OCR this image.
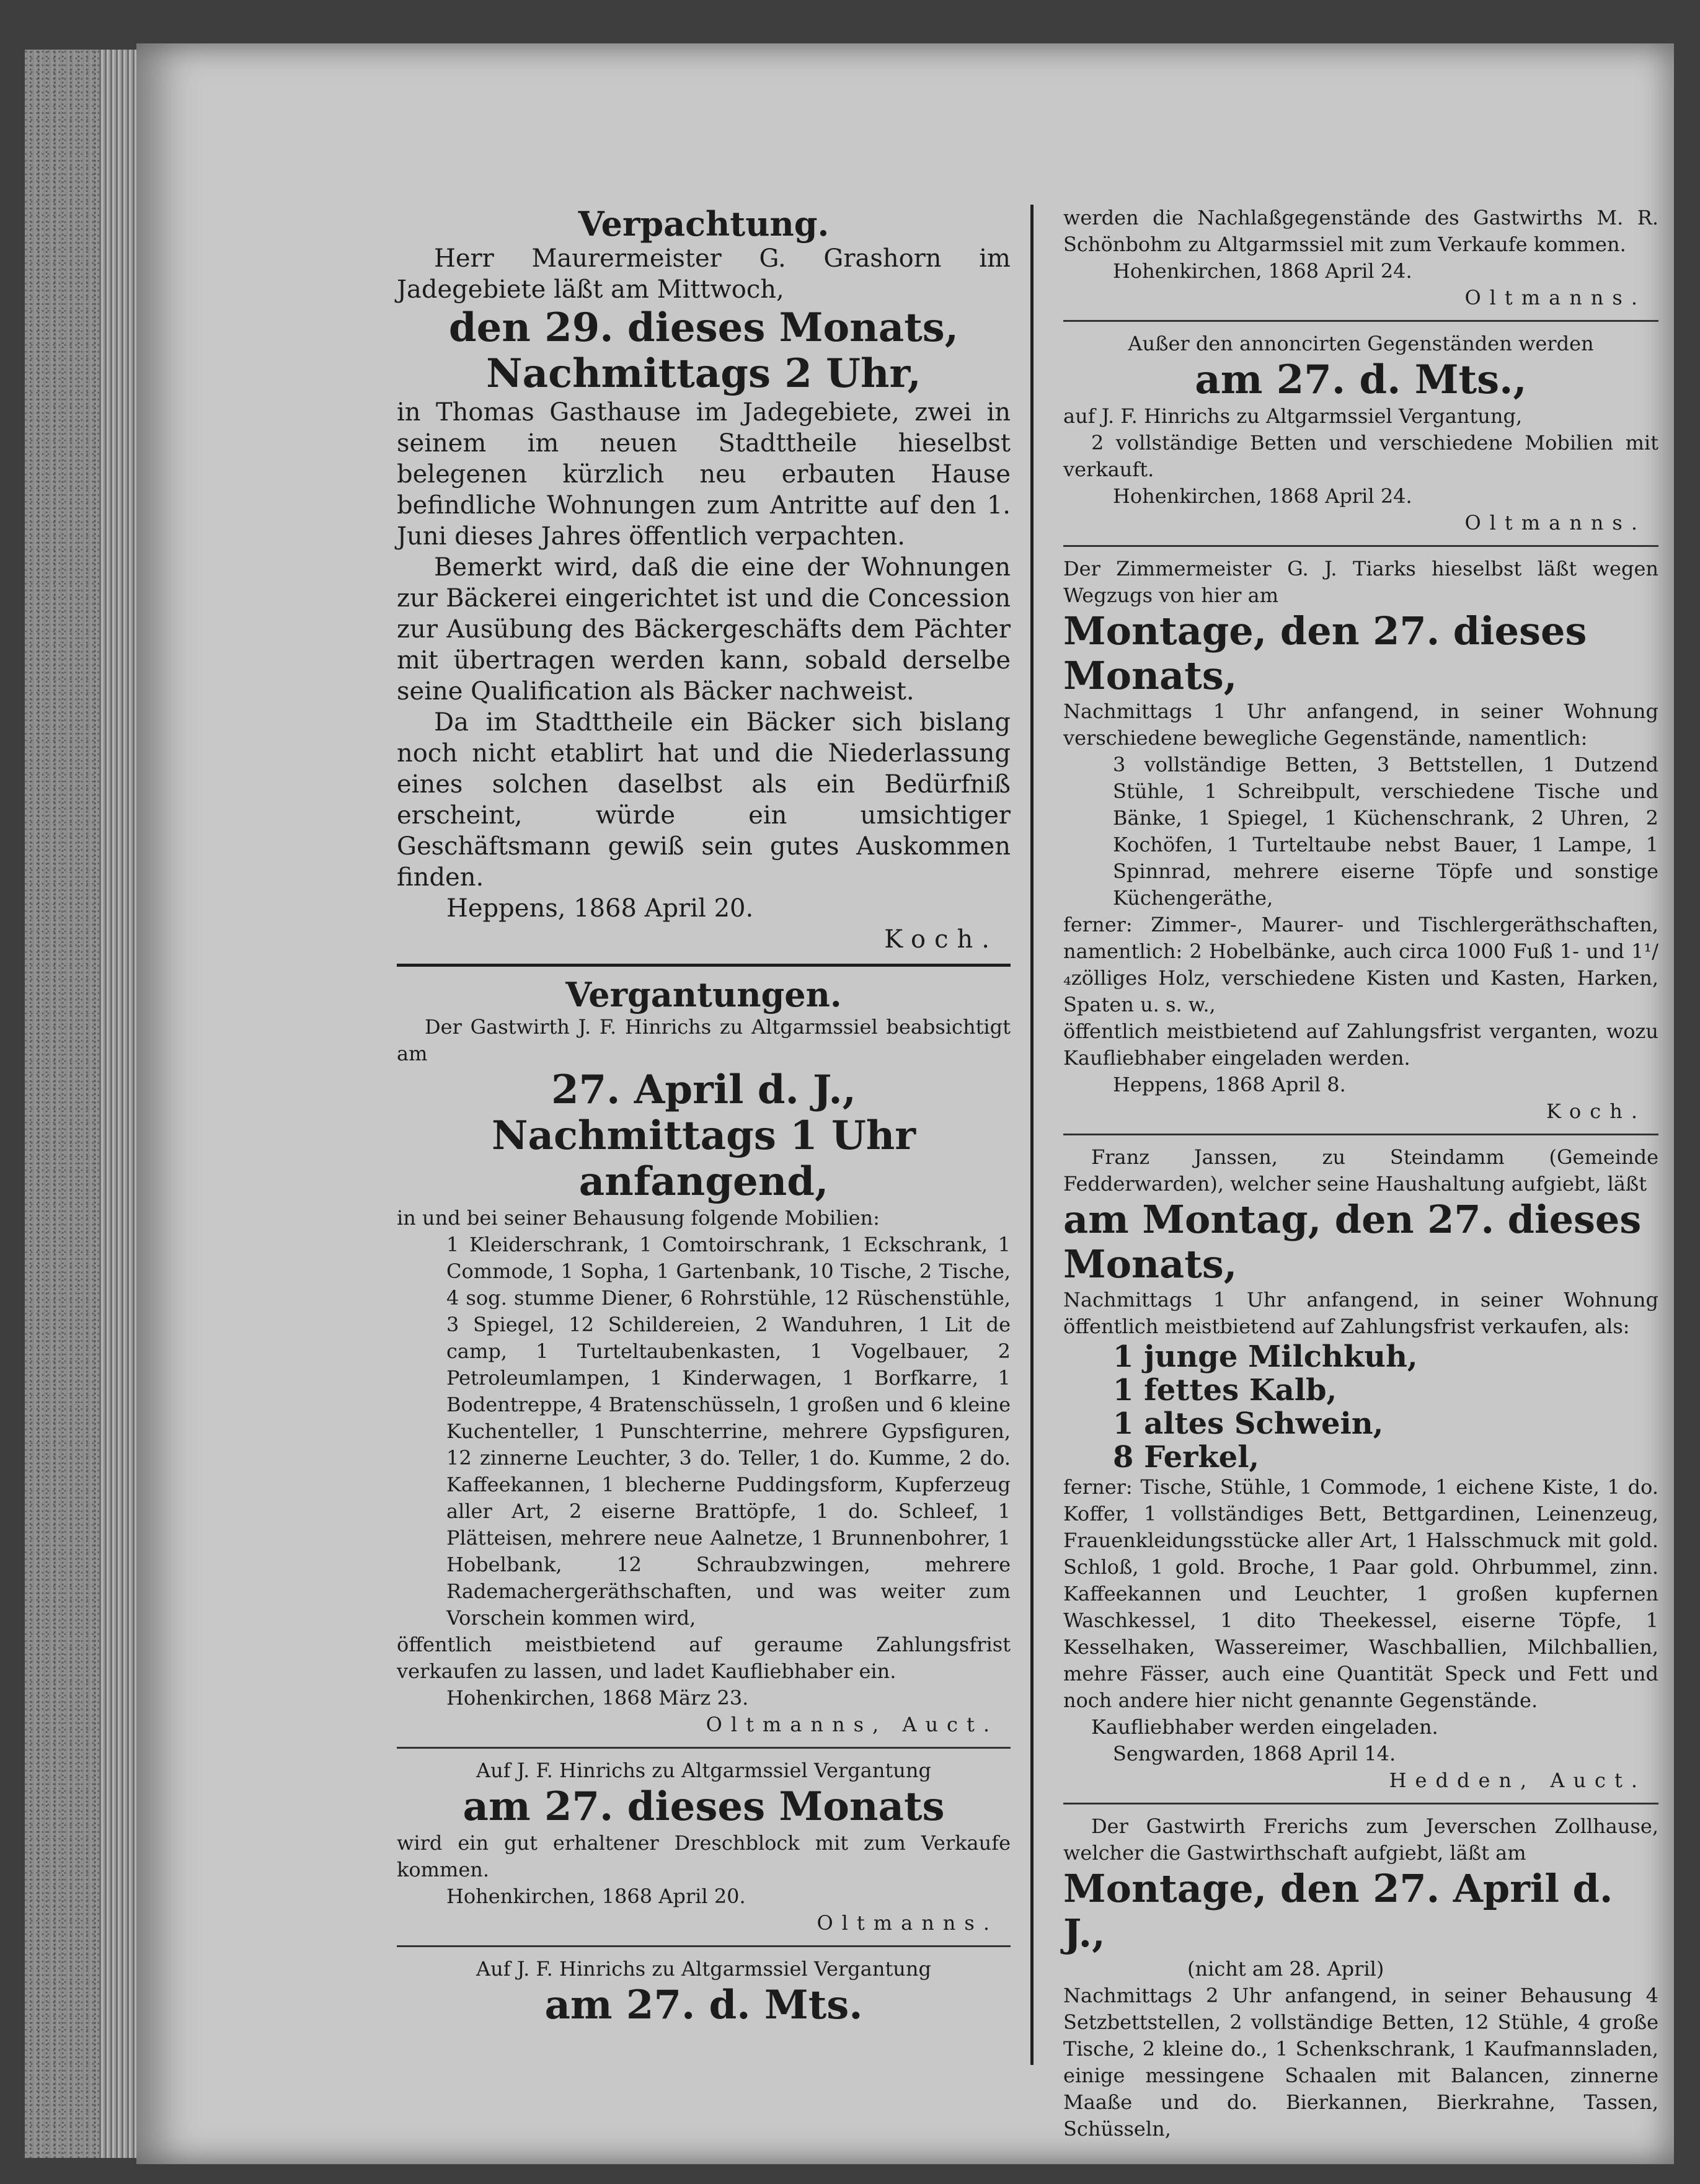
Verpachtung.

Herr Maurermeister G. Grashorn im Jadegebiete läßt am Mittwoch,

den 29. dieses Monats,

Nachmittags 2 Uhr,

in Thomas Gasthause im Jadegebiete, zwei in seinem im neuen Stadttheile hieselbst belegenen kürzlich neu erbauten Hause befindliche Wohnungen zum Antritte auf den 1. Juni dieses Jahres öffentlich verpachten.

Bemerkt wird, daß die eine der Wohnungen zur Bäckerei eingerichtet ist und die Concession zur Ausübung des Bäckergeschäfts dem Pächter mit übertragen werden kann, sobald derselbe seine Qualification als Bäcker nachweist.

Da im Stadttheile ein Bäcker sich bislang noch nicht etablirt hat und die Niederlassung eines solchen daselbst als ein Bedürfniß erscheint, würde ein umsichtiger Geschäftsmann gewiß sein gutes Auskommen finden.

Heppens, 1868 April 20.

Koch.

Vergantungen.

Der Gastwirth J. F. Hinrichs zu Altgarmssiel beabsichtigt am

27. April d. J.,

Nachmittags 1 Uhr anfangend,

in und bei seiner Behausung folgende Mobilien:

1 Kleiderschrank, 1 Comtoirschrank, 1 Eckschrank, 1 Commode, 1 Sopha, 1 Gartenbank, 10 Tische, 2 Tische, 4 sog. stumme Diener, 6 Rohrstühle, 12 Rüschenstühle, 3 Spiegel, 12 Schildereien, 2 Wanduhren, 1 Lit de camp, 1 Turteltaubenkasten, 1 Vogelbauer, 2 Petroleumlampen, 1 Kinderwagen, 1 Borfkarre, 1 Bodentreppe, 4 Bratenschüsseln, 1 großen und 6 kleine Kuchenteller, 1 Punschterrine, mehrere Gypsfiguren, 12 zinnerne Leuchter, 3 do. Teller, 1 do. Kumme, 2 do. Kaffeekannen, 1 blecherne Puddingsform, Kupferzeug aller Art, 2 eiserne Brattöpfe, 1 do. Schleef, 1 Plätteisen, mehrere neue Aalnetze, 1 Brunnenbohrer, 1 Hobelbank, 12 Schraubzwingen, mehrere Rademachergeräthschaften, und was weiter zum Vorschein kommen wird,

öffentlich meistbietend auf geraume Zahlungsfrist verkaufen zu lassen, und ladet Kaufliebhaber ein.

Hohenkirchen, 1868 März 23.

Oltmanns, Auct.

Auf J. F. Hinrichs zu Altgarmssiel Vergantung

am 27. dieses Monats

wird ein gut erhaltener Dreschblock mit zum Verkaufe kommen.

Hohenkirchen, 1868 April 20.

Oltmanns.

Auf J. F. Hinrichs zu Altgarmssiel Vergantung

am 27. d. Mts.

werden die Nachlaßgegenstände des Gastwirths M. R. Schönbohm zu Altgarmssiel mit zum Verkaufe kommen.

Hohenkirchen, 1868 April 24.

Oltmanns.

Außer den annoncirten Gegenständen werden

am 27. d. Mts.,

auf J. F. Hinrichs zu Altgarmssiel Vergantung,

2 vollständige Betten und verschiedene Mobilien mit verkauft.

Hohenkirchen, 1868 April 24.

Oltmanns.

Der Zimmermeister G. J. Tiarks hieselbst läßt wegen Wegzugs von hier am

Montage, den 27. dieses Monats,

Nachmittags 1 Uhr anfangend, in seiner Wohnung verschiedene bewegliche Gegenstände, namentlich:

3 vollständige Betten, 3 Bettstellen, 1 Dutzend Stühle, 1 Schreibpult, verschiedene Tische und Bänke, 1 Spiegel, 1 Küchenschrank, 2 Uhren, 2 Kochöfen, 1 Turteltaube nebst Bauer, 1 Lampe, 1 Spinnrad, mehrere eiserne Töpfe und sonstige Küchengeräthe,

ferner: Zimmer-, Maurer- und Tischlergeräthschaften, namentlich: 2 Hobelbänke, auch circa 1000 Fuß 1- und 1¹/₄zölliges Holz, verschiedene Kisten und Kasten, Harken, Spaten u. s. w.,

öffentlich meistbietend auf Zahlungsfrist verganten, wozu Kaufliebhaber eingeladen werden.

Heppens, 1868 April 8.

Koch.

Franz Janssen, zu Steindamm (Gemeinde Fedderwarden), welcher seine Haushaltung aufgiebt, läßt

am Montag, den 27. dieses Monats,

Nachmittags 1 Uhr anfangend, in seiner Wohnung öffentlich meistbietend auf Zahlungsfrist verkaufen, als:

1 junge Milchkuh,

1 fettes Kalb,

1 altes Schwein,

8 Ferkel,

ferner: Tische, Stühle, 1 Commode, 1 eichene Kiste, 1 do. Koffer, 1 vollständiges Bett, Bettgardinen, Leinenzeug, Frauenkleidungsstücke aller Art, 1 Halsschmuck mit gold. Schloß, 1 gold. Broche, 1 Paar gold. Ohrbummel, zinn. Kaffeekannen und Leuchter, 1 großen kupfernen Waschkessel, 1 dito Theekessel, eiserne Töpfe, 1 Kesselhaken, Wassereimer, Waschballien, Milchballien, mehre Fässer, auch eine Quantität Speck und Fett und noch andere hier nicht genannte Gegenstände.

Kaufliebhaber werden eingeladen.

Sengwarden, 1868 April 14.

Hedden, Auct.

Der Gastwirth Frerichs zum Jeverschen Zollhause, welcher die Gastwirthschaft aufgiebt, läßt am

Montage, den 27. April d. J.,

(nicht am 28. April)

Nachmittags 2 Uhr anfangend, in seiner Behausung 4 Setzbettstellen, 2 vollständige Betten, 12 Stühle, 4 große Tische, 2 kleine do., 1 Schenkschrank, 1 Kaufmannsladen, einige messingene Schaalen mit Balancen, zinnerne Maaße und do. Bierkannen, Bierkrahne, Tassen, Schüsseln,
